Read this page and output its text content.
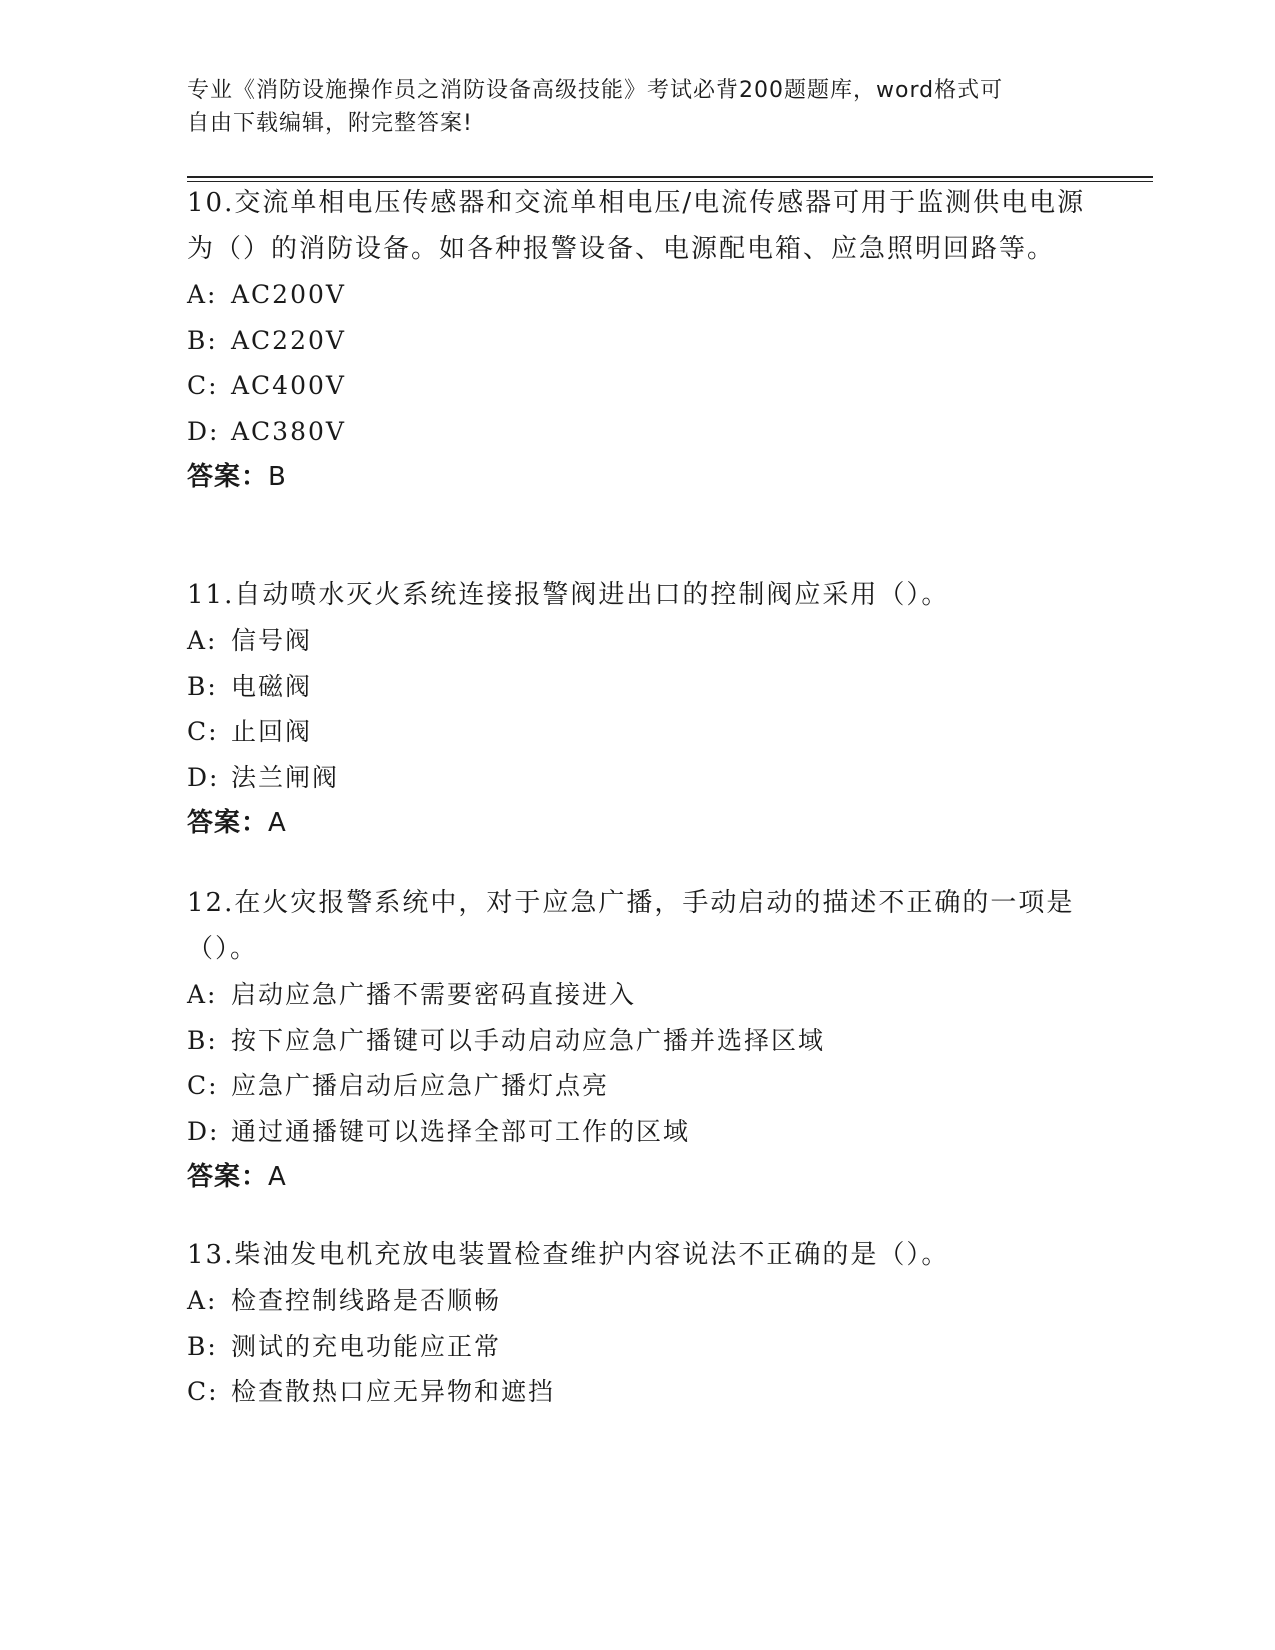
专业《消防设施操作员之消防设备高级技能》考试必背200题题库，word格式可
自由下载编辑，附完整答案!

10.交流单相电压传感器和交流单相电压/电流传感器可用于监测供电电源为（）的消防设备。如各种报警设备、电源配电箱、应急照明回路等。

A: AC200V
B: AC220V
C: AC400V
D: AC380V
答案：B

11.自动喷水灭火系统连接报警阀进出口的控制阀应采用（）。

A: 信号阀
B: 电磁阀
C: 止回阀
D: 法兰闸阀
答案：A

12.在火灾报警系统中，对于应急广播，手动启动的描述不正确的一项是（）。

A: 启动应急广播不需要密码直接进入
B: 按下应急广播键可以手动启动应急广播并选择区域
C: 应急广播启动后应急广播灯点亮
D: 通过通播键可以选择全部可工作的区域
答案：A

13.柴油发电机充放电装置检查维护内容说法不正确的是（）。

A: 检查控制线路是否顺畅
B: 测试的充电功能应正常
C: 检查散热口应无异物和遮挡
